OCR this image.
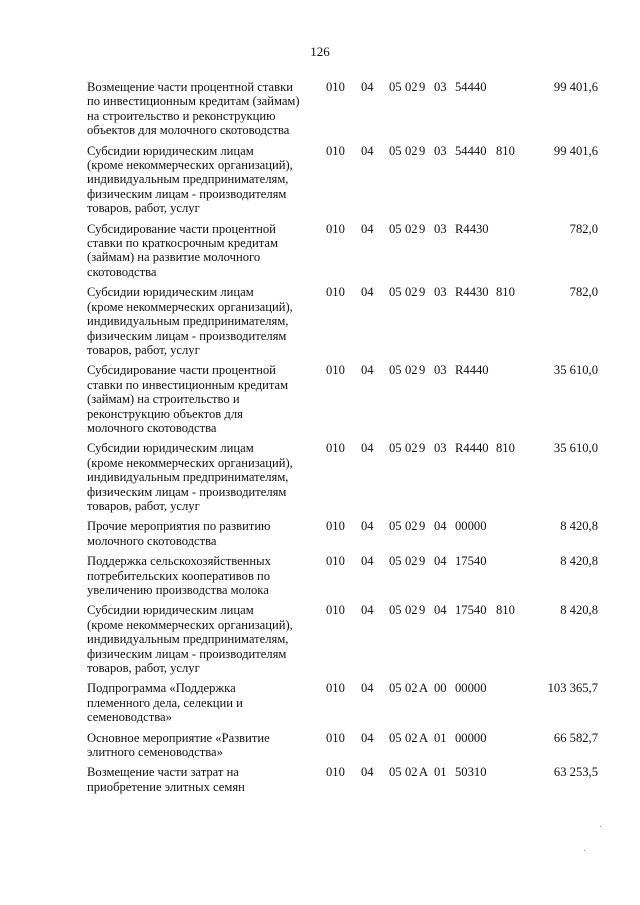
126
Возмещение части процентной ставки
по инвестиционным кредитам (займам)
на строительство и реконструкцию
объектов для молочного скотоводства
010 04 05 02 9 03 54440	99 401,6
Субсидии юридическим лицам
(кроме некоммерческих организаций),
индивидуальным предпринимателям,
физическим лицам - производителям
товаров, работ, услуг
010 04 05 02 9 03 54440 810	99 401,6
Субсидирование части процентной
ставки по краткосрочным кредитам
(займам) на развитие молочного
скотоводства
010 04 05 02 9 03 R4430	782,0
Субсидии юридическим лицам
(кроме некоммерческих организаций),
индивидуальным предпринимателям,
физическим лицам - производителям
товаров, работ, услуг
010 04 05 02 9 03 R4430 810	782,0
Субсидирование части процентной
ставки по инвестиционным кредитам
(займам) на строительство и
реконструкцию объектов для
молочного скотоводства
010 04 05 02 9 03 R4440	35 610,0
Субсидии юридическим лицам
(кроме некоммерческих организаций),
индивидуальным предпринимателям,
физическим лицам - производителям
товаров, работ, услуг
010 04 05 02 9 03 R4440 810	35 610,0
Прочие мероприятия по развитию
молочного скотоводства
010 04 05 02 9 04 00000	8 420,8
Поддержка сельскохозяйственных
потребительских кооперативов по
увеличению производства молока
010 04 05 02 9 04 17540	8 420,8
Субсидии юридическим лицам
(кроме некоммерческих организаций),
индивидуальным предпринимателям,
физическим лицам - производителям
товаров, работ, услуг
010 04 05 02 9 04 17540 810	8 420,8
Подпрограмма «Поддержка
племенного дела, селекции и
семеноводства»
010 04 05 02 А 00 00000	103 365,7
Основное мероприятие «Развитие
элитного семеноводства»
010 04 05 02 А 01 00000	66 582,7
Возмещение части затрат на
приобретение элитных семян
010 04 05 02 А 01 50310	63 253,5
